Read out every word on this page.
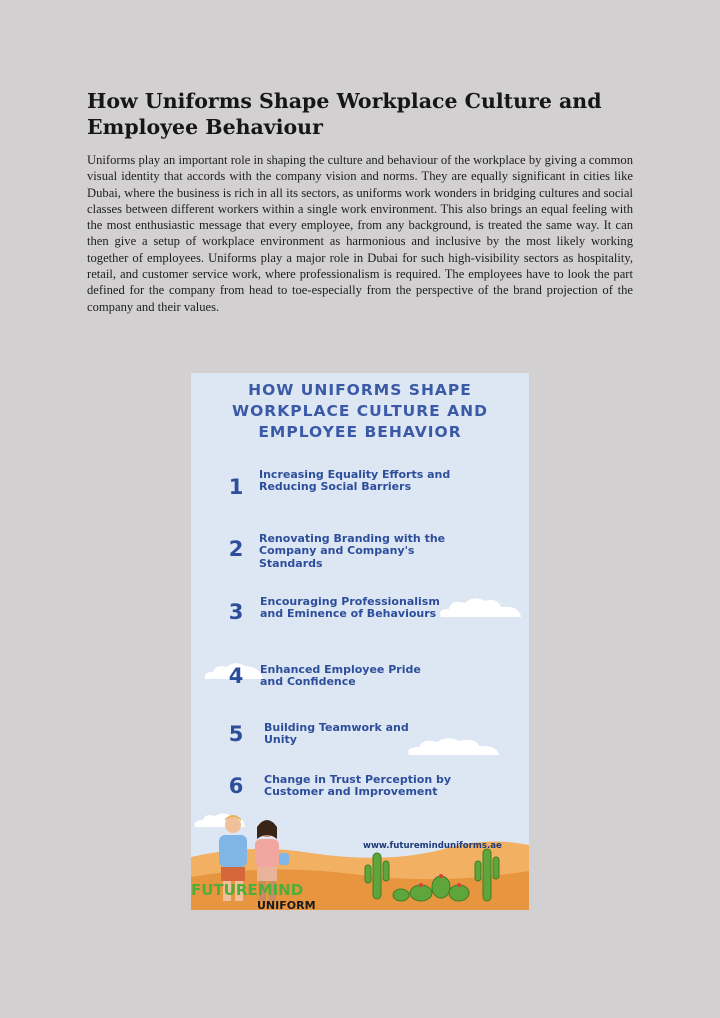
How Uniforms Shape Workplace Culture and Employee Behaviour

Uniforms play an important role in shaping the culture and behaviour of the workplace by giving a common visual identity that accords with the company vision and norms. They are equally significant in cities like Dubai, where the business is rich in all its sectors, as uniforms work wonders in bridging cultures and social classes between different workers within a single work environment. This also brings an equal feeling with the most enthusiastic message that every employee, from any background, is treated the same way. It can then give a setup of workplace environment as harmonious and inclusive by the most likely working together of employees. Uniforms play a major role in Dubai for such high-visibility sectors as hospitality, retail, and customer service work, where professionalism is required. The employees have to look the part defined for the company from head to toe-especially from the perspective of the brand projection of the company and their values.

HOW UNIFORMS SHAPE
WORKPLACE CULTURE AND
EMPLOYEE BEHAVIOR
1
Increasing Equality Efforts and Reducing Social Barriers
2	Renovating Branding with the Company and Company's Standards
3	Encouraging Professionalism and Eminence of Behaviours
4	Enhanced Employee Pride and Confidence
5	Building Teamwork and Unity
6	Change in Trust Perception by Customer and Improvement
www.futureminduniforms.ae
FUTUREMIND
UNIFORM
